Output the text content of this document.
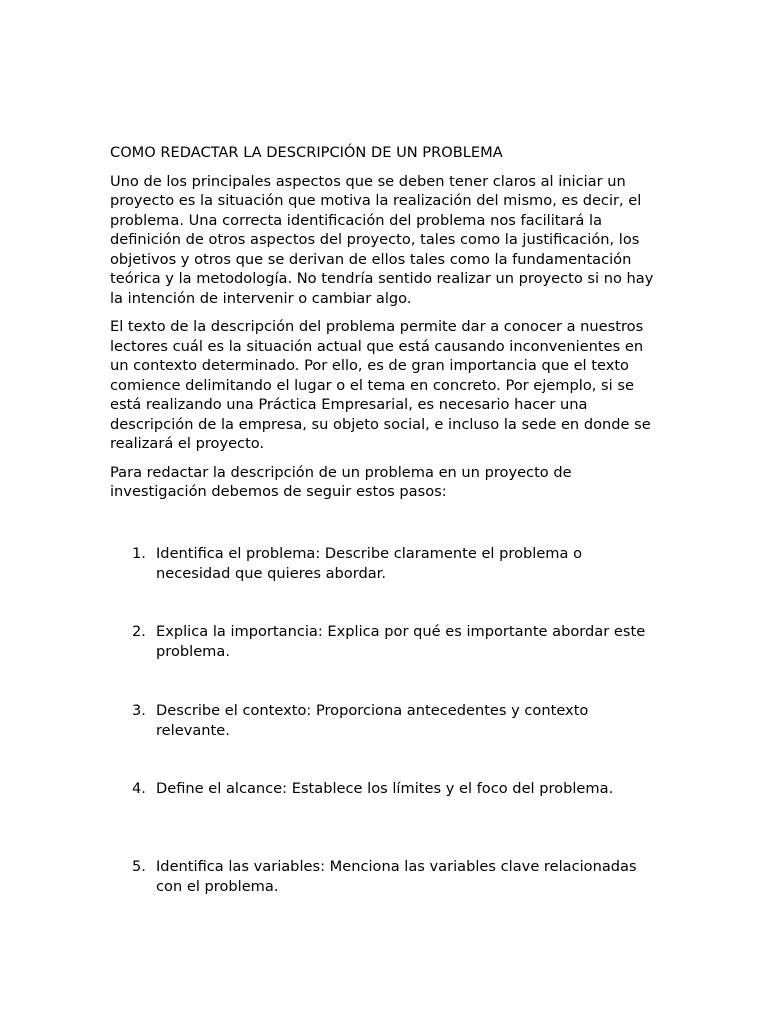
COMO REDACTAR LA DESCRIPCIÓN DE UN PROBLEMA

Uno de los principales aspectos que se deben tener claros al iniciar un proyecto es la situación que motiva la realización del mismo, es decir, el problema. Una correcta identificación del problema nos facilitará la definición de otros aspectos del proyecto, tales como la justificación, los objetivos y otros que se derivan de ellos tales como la fundamentación teórica y la metodología. No tendría sentido realizar un proyecto si no hay la intención de intervenir o cambiar algo.

El texto de la descripción del problema permite dar a conocer a nuestros lectores cuál es la situación actual que está causando inconvenientes en un contexto determinado. Por ello, es de gran importancia que el texto comience delimitando el lugar o el tema en concreto. Por ejemplo, si se está realizando una Práctica Empresarial, es necesario hacer una descripción de la empresa, su objeto social, e incluso la sede en donde se realizará el proyecto.

Para redactar la descripción de un problema en un proyecto de investigación debemos de seguir estos pasos:

1. Identifica el problema: Describe claramente el problema o necesidad que quieres abordar.
2. Explica la importancia: Explica por qué es importante abordar este problema.
3. Describe el contexto: Proporciona antecedentes y contexto relevante.
4. Define el alcance: Establece los límites y el foco del problema.
5. Identifica las variables: Menciona las variables clave relacionadas con el problema.
